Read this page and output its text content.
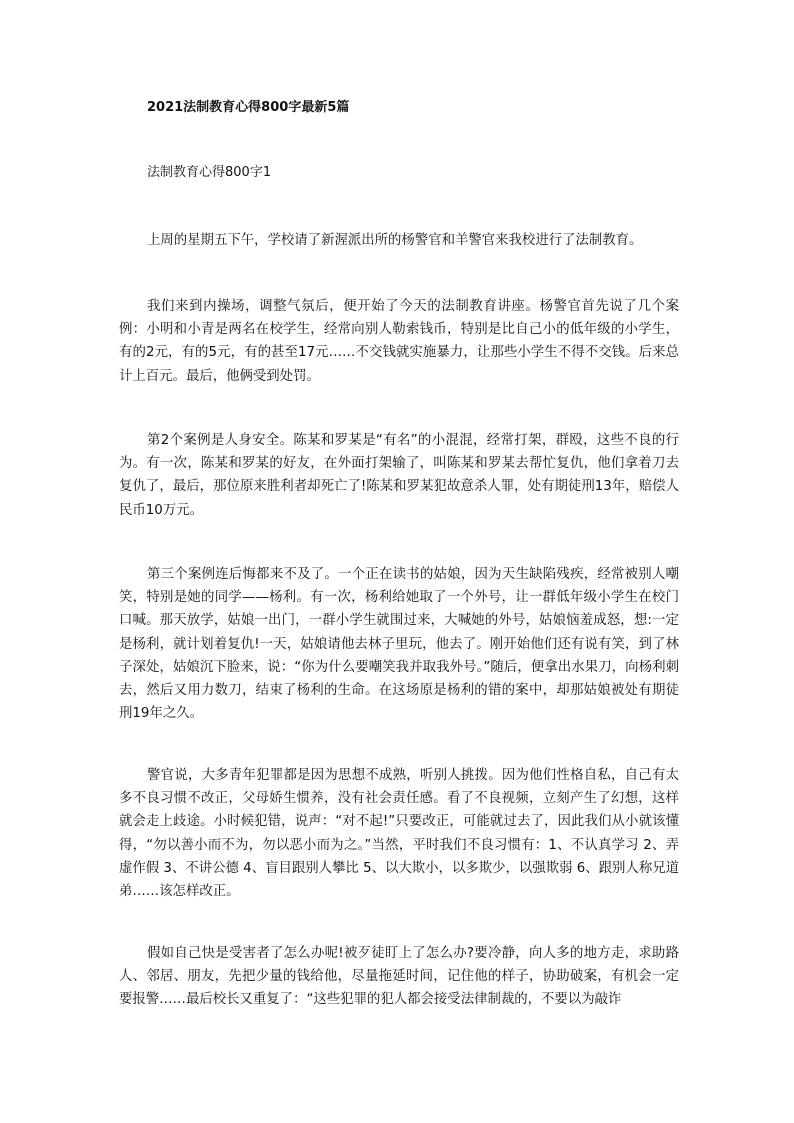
2021法制教育心得800字最新5篇
法制教育心得800字1

上周的星期五下午，学校请了新渥派出所的杨警官和羊警官来我校进行了法制教育。

我们来到内操场，调整气氛后，便开始了今天的法制教育讲座。杨警官首先说了几个案例：小明和小青是两名在校学生，经常向别人勒索钱币，特别是比自己小的低年级的小学生，有的2元，有的5元，有的甚至17元……不交钱就实施暴力，让那些小学生不得不交钱。后来总计上百元。最后，他俩受到处罚。

第2个案例是人身安全。陈某和罗某是“有名”的小混混，经常打架，群殴，这些不良的行为。有一次，陈某和罗某的好友，在外面打架输了，叫陈某和罗某去帮忙复仇，他们拿着刀去复仇了，最后，那位原来胜利者却死亡了!陈某和罗某犯故意杀人罪，处有期徒刑13年，赔偿人民币10万元。

第三个案例连后悔都来不及了。一个正在读书的姑娘，因为天生缺陷残疾，经常被别人嘲笑，特别是她的同学——杨利。有一次，杨利给她取了一个外号，让一群低年级小学生在校门口喊。那天放学，姑娘一出门，一群小学生就围过来，大喊她的外号，姑娘恼羞成怒，想:一定是杨利，就计划着复仇!一天，姑娘请他去林子里玩，他去了。刚开始他们还有说有笑，到了林子深处，姑娘沉下脸来，说：“你为什么要嘲笑我并取我外号。”随后，便拿出水果刀，向杨利刺去，然后又用力数刀，结束了杨利的生命。在这场原是杨利的错的案中，却那姑娘被处有期徒刑19年之久。

警官说，大多青年犯罪都是因为思想不成熟，听别人挑拨。因为他们性格自私，自己有太多不良习惯不改正，父母娇生惯养，没有社会责任感。看了不良视频，立刻产生了幻想，这样就会走上歧途。小时候犯错，说声：“对不起!”只要改正，可能就过去了，因此我们从小就该懂得，“勿以善小而不为，勿以恶小而为之。”当然，平时我们不良习惯有：1、不认真学习 2、弄虚作假 3、不讲公德 4、盲目跟别人攀比 5、以大欺小，以多欺少，以强欺弱 6、跟别人称兄道弟……该怎样改正。

假如自己快是受害者了怎么办呢!被歹徒盯上了怎么办?要冷静，向人多的地方走，求助路人、邻居、朋友，先把少量的钱给他，尽量拖延时间，记住他的样子，协助破案，有机会一定要报警……最后校长又重复了：“这些犯罪的犯人都会接受法律制裁的，不要以为敲诈
